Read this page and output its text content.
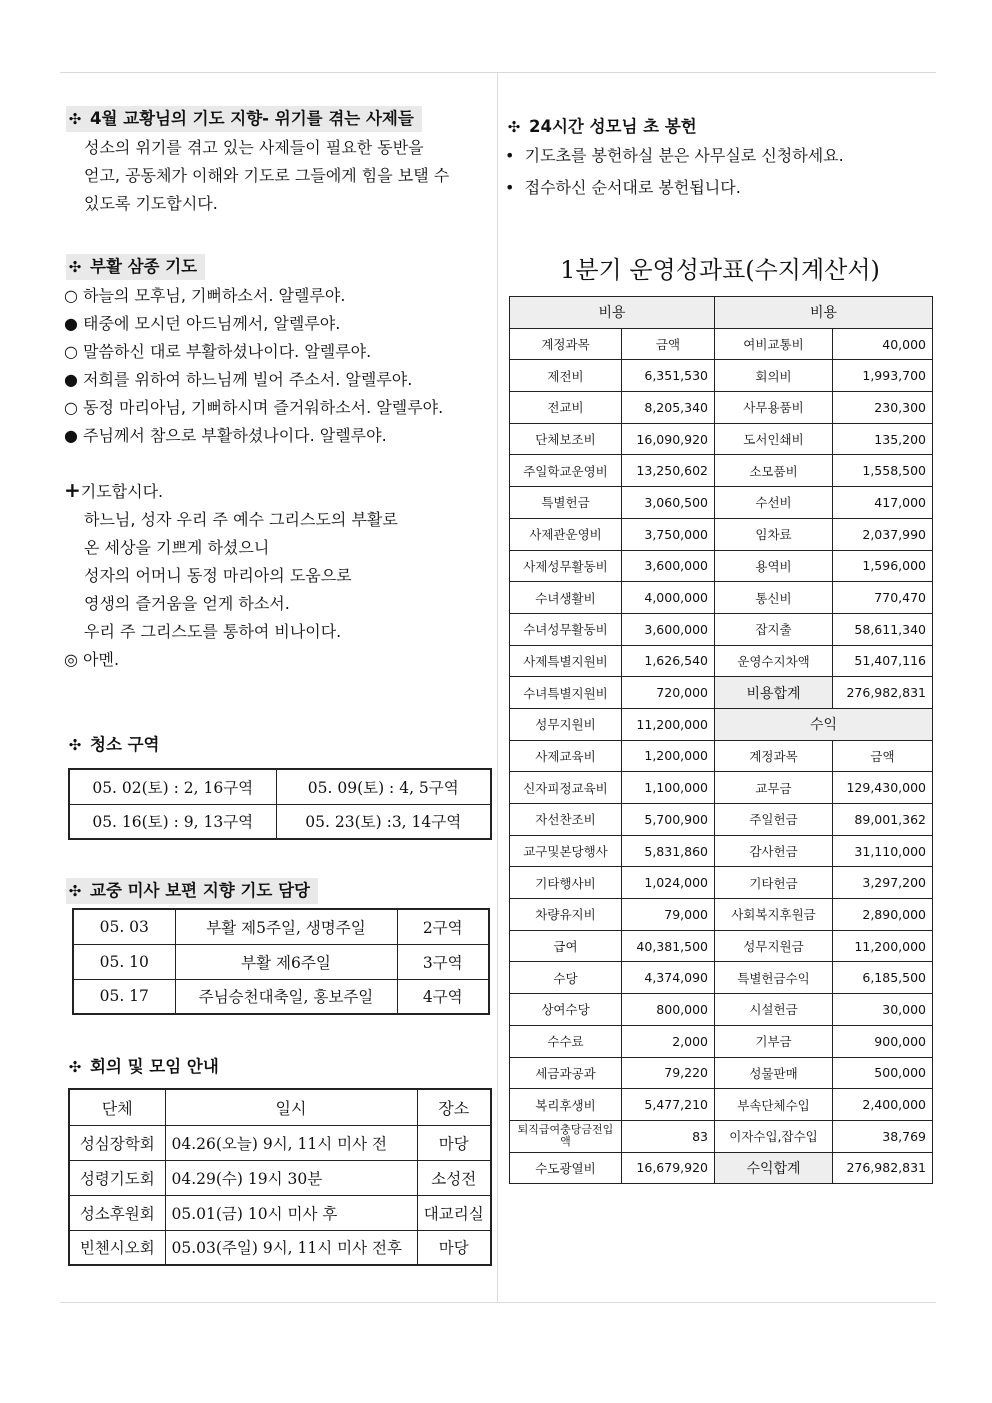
✣ 4월 교황님의 기도 지향- 위기를 겪는 사제들
성소의 위기를 겪고 있는 사제들이 필요한 동반을
얻고, 공동체가 이해와 기도로 그들에게 힘을 보탤 수
있도록 기도합시다.
✣ 부활 삼종 기도
○ 하늘의 모후님, 기뻐하소서. 알렐루야.
● 태중에 모시던 아드님께서, 알렐루야.
○ 말씀하신 대로 부활하셨나이다. 알렐루야.
● 저희를 위하여 하느님께 빌어 주소서. 알렐루야.
○ 동정 마리아님, 기뻐하시며 즐거워하소서. 알렐루야.
● 주님께서 참으로 부활하셨나이다. 알렐루야.
+기도합시다.
하느님, 성자 우리 주 예수 그리스도의 부활로
온 세상을 기쁘게 하셨으니
성자의 어머니 동정 마리아의 도움으로
영생의 즐거움을 얻게 하소서.
우리 주 그리스도를 통하여 비나이다.
◎ 아멘.
✣ 청소 구역
05. 02(토) : 2, 16구역	05. 09(토) : 4, 5구역
05. 16(토) : 9, 13구역	05. 23(토) :3, 14구역
✣ 교중 미사 보편 지향 기도 담당
05. 03	부활 제5주일, 생명주일	2구역
05. 10	부활 제6주일	3구역
05. 17	주님승천대축일, 홍보주일	4구역
✣ 회의 및 모임 안내
단체	일시	장소
성심장학회	04.26(오늘) 9시, 11시 미사 전	마당
성령기도회	04.29(수) 19시 30분	소성전
성소후원회	05.01(금) 10시 미사 후	대교리실
빈첸시오회	05.03(주일) 9시, 11시 미사 전후	마당
✣ 24시간 성모님 초 봉헌
•  기도초를 봉헌하실 분은 사무실로 신청하세요.
•  접수하신 순서대로 봉헌됩니다.
1분기 운영성과표(수지계산서)
비용		비용	
계정과목	금액	여비교통비	40,000
제전비	6,351,530	회의비	1,993,700
전교비	8,205,340	사무용품비	230,300
단체보조비	16,090,920	도서인쇄비	135,200
주일학교운영비	13,250,602	소모품비	1,558,500
특별헌금	3,060,500	수선비	417,000
사제관운영비	3,750,000	임차료	2,037,990
사제성무활동비	3,600,000	용역비	1,596,000
수녀생활비	4,000,000	통신비	770,470
수녀성무활동비	3,600,000	잡지출	58,611,340
사제특별지원비	1,626,540	운영수지차액	51,407,116
수녀특별지원비	720,000	비용합계	276,982,831
성무지원비	11,200,000	수익	
사제교육비	1,200,000	계정과목	금액
신자피정교육비	1,100,000	교무금	129,430,000
자선찬조비	5,700,900	주일헌금	89,001,362
교구및본당행사	5,831,860	감사헌금	31,110,000
기타행사비	1,024,000	기타헌금	3,297,200
차량유지비	79,000	사회복지후원금	2,890,000
급여	40,381,500	성무지원금	11,200,000
수당	4,374,090	특별헌금수익	6,185,500
상여수당	800,000	시설헌금	30,000
수수료	2,000	기부금	900,000
세금과공과	79,220	성물판매	500,000
복리후생비	5,477,210	부속단체수입	2,400,000
퇴직급여충당금전입액	83	이자수입,잡수입	38,769
수도광열비	16,679,920	수익합계	276,982,831
